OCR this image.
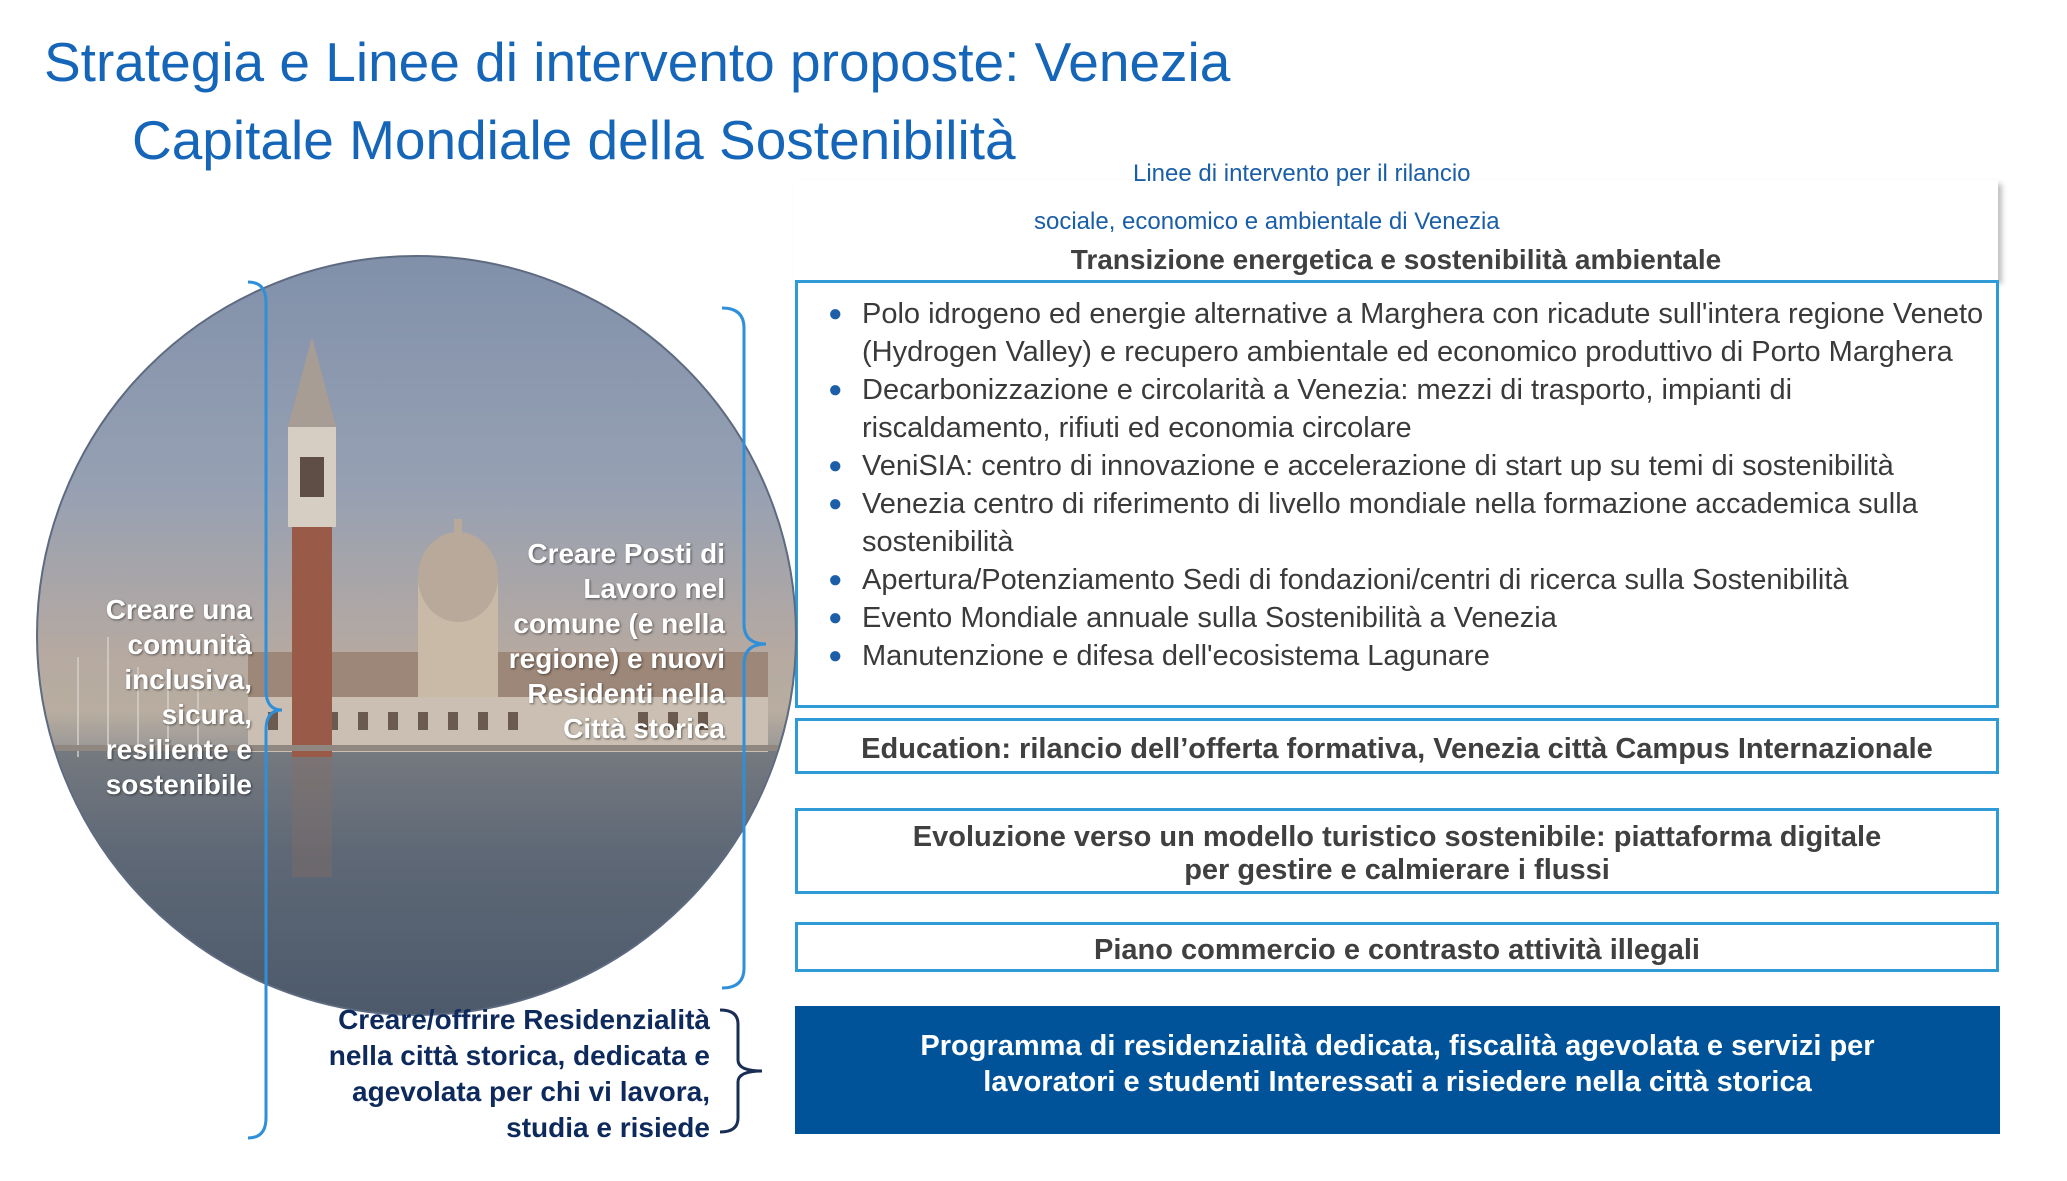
Strategia e Linee di intervento proposte: Venezia
Capitale Mondiale della Sostenibilità
Linee di intervento per il rilancio
sociale, economico e ambientale di Venezia
Transizione energetica e sostenibilità ambientale
● Polo idrogeno ed energie alternative a Marghera con ricadute sull'intera regione Veneto (Hydrogen Valley) e recupero ambientale ed economico produttivo di Porto Marghera
● Decarbonizzazione e circolarità a Venezia: mezzi di trasporto, impianti di riscaldamento, rifiuti ed economia circolare
● VeniSIA: centro di innovazione e accelerazione di start up su temi di sostenibilità
● Venezia centro di riferimento di livello mondiale nella formazione accademica sulla sostenibilità
● Apertura/Potenziamento Sedi di fondazioni/centri di ricerca sulla Sostenibilità
● Evento Mondiale annuale sulla Sostenibilità a Venezia
● Manutenzione e difesa dell'ecosistema Lagunare
Education: rilancio dell’offerta formativa, Venezia città Campus Internazionale
Evoluzione verso un modello turistico sostenibile: piattaforma digitale
per gestire e calmierare i flussi
Piano commercio e contrasto attività illegali
Programma di residenzialità dedicata, fiscalità agevolata e servizi per
lavoratori e studenti Interessati a risiedere nella città storica
Creare una
comunità
inclusiva,
sicura,
resiliente e
sostenibile
Creare Posti di
Lavoro nel
comune (e nella
regione) e nuovi
Residenti nella
Città storica
Creare/offrire Residenzialità
nella città storica, dedicata e
agevolata per chi vi lavora,
studia e risiede
